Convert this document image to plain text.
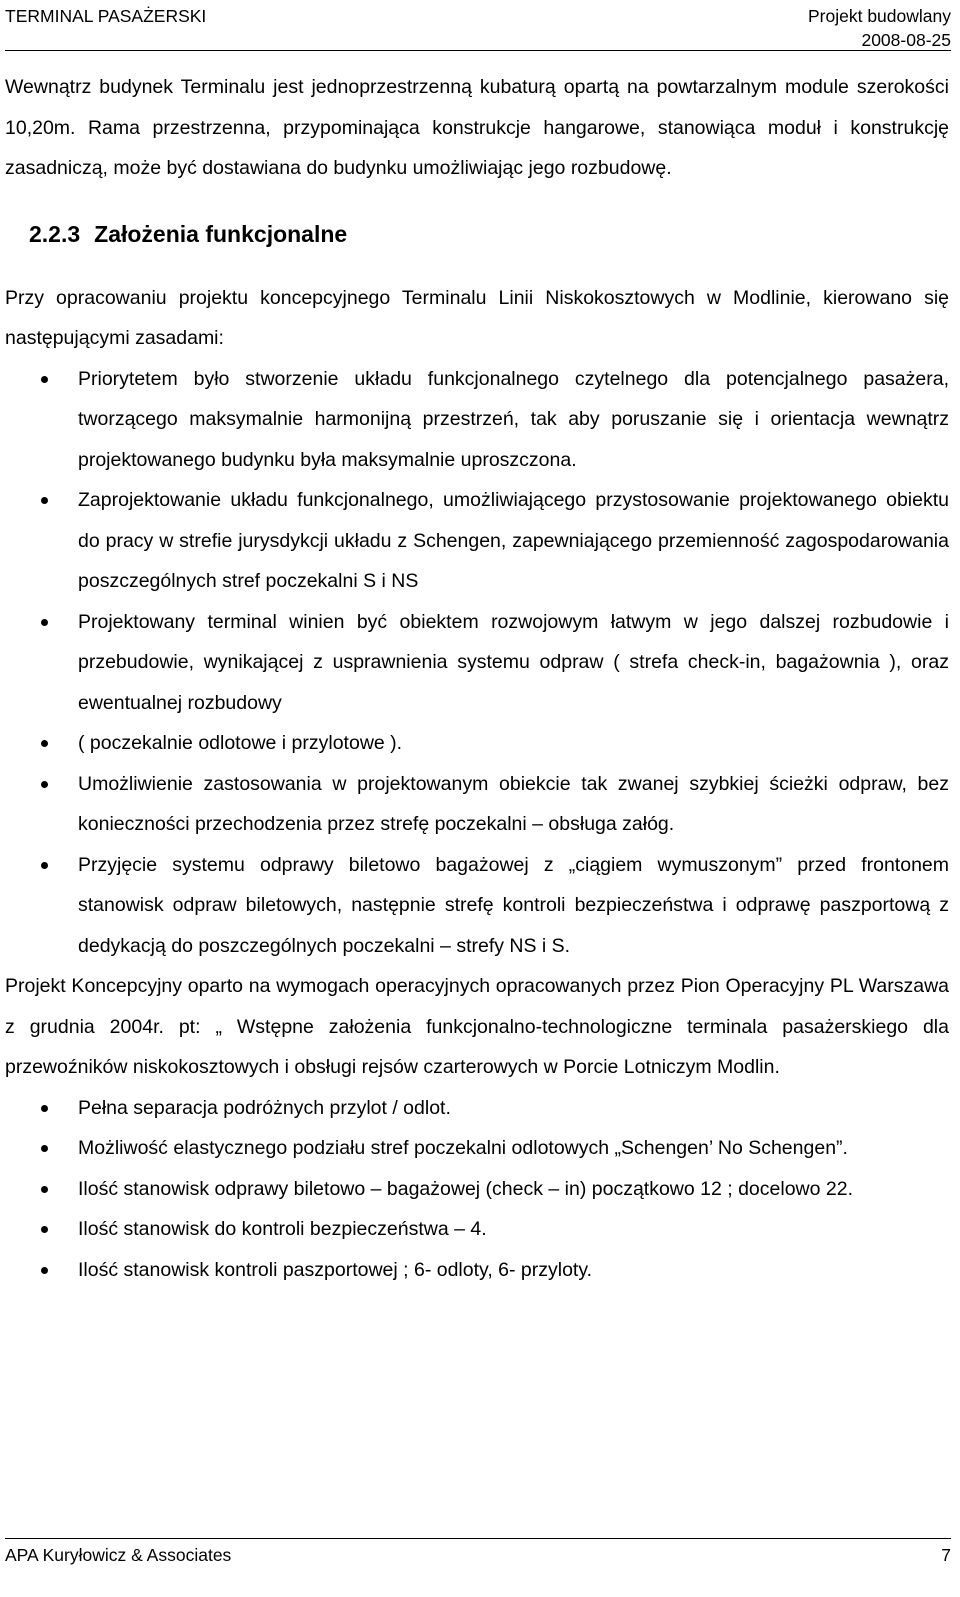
TERMINAL PASAŻERSKI	Projekt budowlany
2008-08-25

Wewnątrz budynek Terminalu jest jednoprzestrzenną kubaturą opartą na powtarzalnym module szerokości 10,20m. Rama przestrzenna, przypominająca konstrukcje hangarowe, stanowiąca moduł i konstrukcję zasadniczą, może być dostawiana do budynku umożliwiając jego rozbudowę.

2.2.3 Założenia funkcjonalne

Przy opracowaniu projektu koncepcyjnego Terminalu Linii Niskokosztowych w Modlinie, kierowano się następującymi zasadami:

Priorytetem było stworzenie układu funkcjonalnego czytelnego dla potencjalnego pasażera, tworzącego maksymalnie harmonijną przestrzeń, tak aby poruszanie się i orientacja wewnątrz projektowanego budynku była maksymalnie uproszczona.
Zaprojektowanie układu funkcjonalnego, umożliwiającego przystosowanie projektowanego obiektu do pracy w strefie jurysdykcji układu z Schengen, zapewniającego przemienność zagospodarowania poszczególnych stref poczekalni S i NS
Projektowany terminal winien być obiektem rozwojowym łatwym w jego dalszej rozbudowie i przebudowie, wynikającej z usprawnienia systemu odpraw ( strefa check-in, bagażownia ), oraz ewentualnej rozbudowy
( poczekalnie odlotowe i przylotowe ).
Umożliwienie zastosowania w projektowanym obiekcie tak zwanej szybkiej ścieżki odpraw, bez konieczności przechodzenia przez strefę poczekalni – obsługa załóg.
Przyjęcie systemu odprawy biletowo bagażowej z „ciągiem wymuszonym” przed frontonem stanowisk odpraw biletowych, następnie strefę kontroli bezpieczeństwa i odprawę paszportową z dedykacją do poszczególnych poczekalni – strefy NS i S.

Projekt Koncepcyjny oparto na wymogach operacyjnych opracowanych przez Pion Operacyjny PL Warszawa z grudnia 2004r. pt: „ Wstępne założenia funkcjonalno-technologiczne terminala pasażerskiego dla przewoźników niskokosztowych i obsługi rejsów czarterowych w Porcie Lotniczym Modlin.

Pełna separacja podróżnych przylot / odlot.
Możliwość elastycznego podziału stref poczekalni odlotowych „Schengen’ No Schengen”.
Ilość stanowisk odprawy biletowo – bagażowej (check – in) początkowo 12 ; docelowo 22.
Ilość stanowisk do kontroli bezpieczeństwa – 4.
Ilość stanowisk kontroli paszportowej ; 6- odloty, 6- przyloty.
APA Kuryłowicz & Associates	7
